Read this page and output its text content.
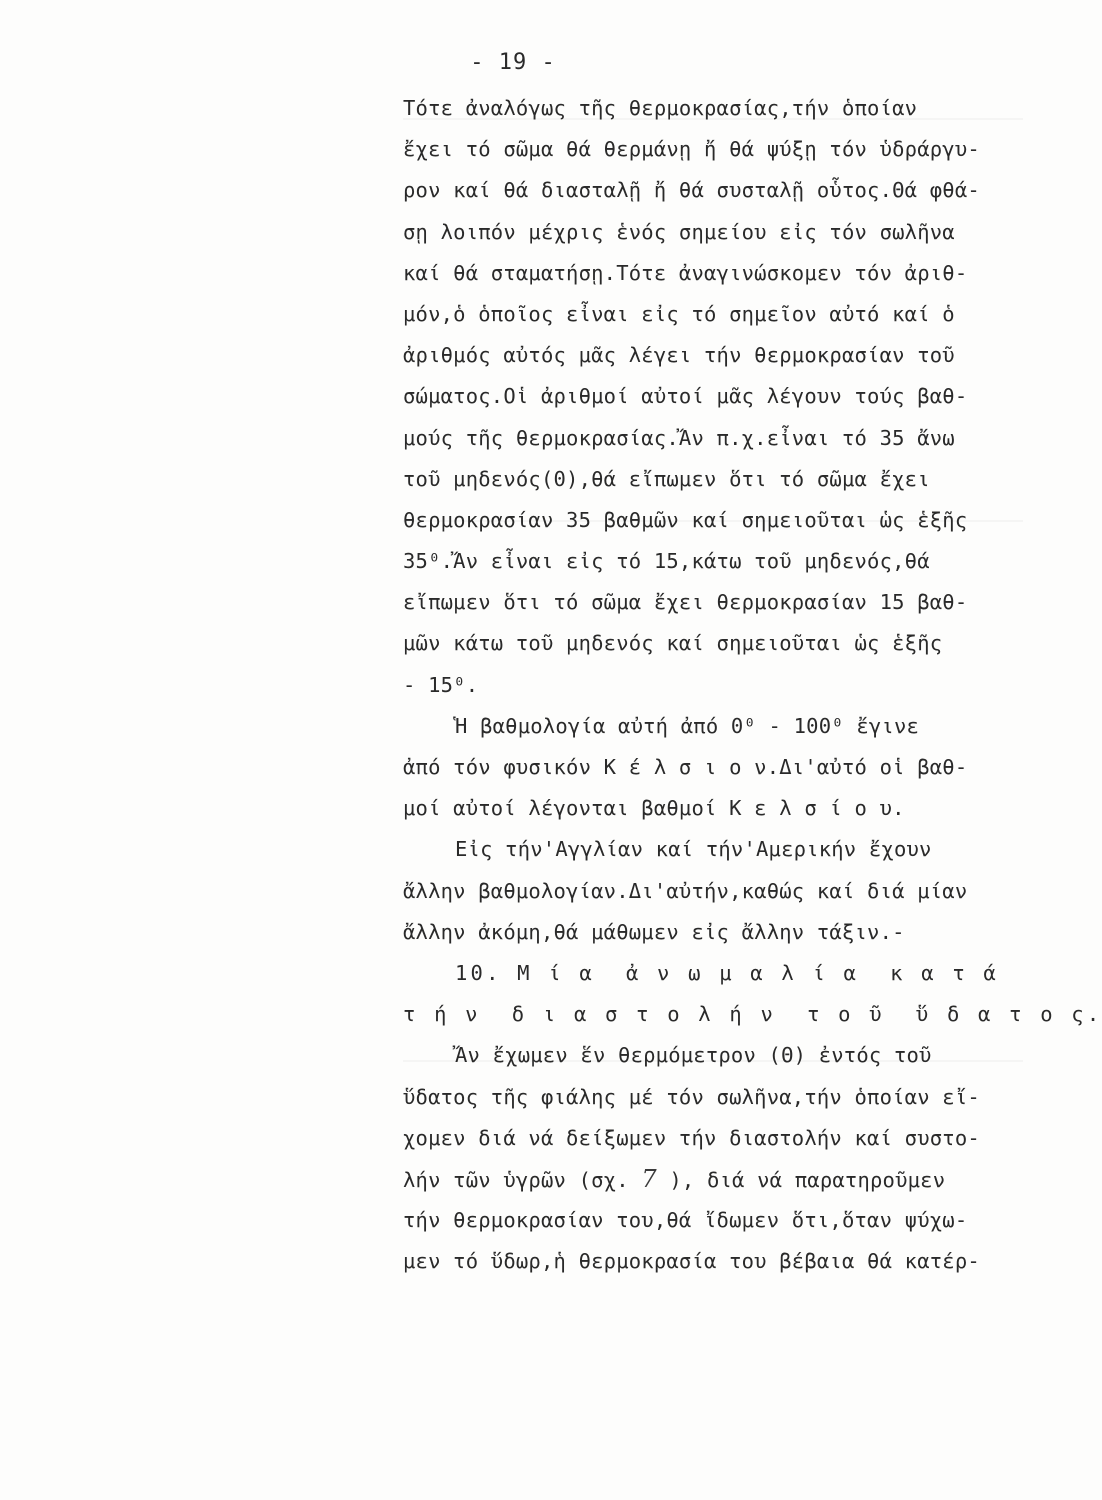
- 19 -
Τότε ἀναλόγως τῆς θερμοκρασίας,τήν ὁποίαν
ἔχει τό σῶμα θά θερμάνῃ ἤ θά ψύξῃ τόν ὑδράργυ-
ρον καί θά διασταλῇ ἤ θά συσταλῇ οὗτος.Θά φθά-
σῃ λοιπόν μέχρις ἑνός σημείου εἰς τόν σωλῆνα
καί θά σταματήσῃ.Τότε ἀναγινώσκομεν τόν ἀριθ-
μόν,ὁ ὁποῖος εἶναι εἰς τό σημεῖον αὐτό καί ὁ
ἀριθμός αὐτός μᾶς λέγει τήν θερμοκρασίαν τοῦ
σώματος.Οἱ ἀριθμοί αὐτοί μᾶς λέγουν τούς βαθ-
μούς τῆς θερμοκρασίας.Ἄν π.χ.εἶναι τό 35 ἄνω
τοῦ μηδενός(0),θά εἴπωμεν ὅτι τό σῶμα ἔχει
θερμοκρασίαν 35 βαθμῶν καί σημειοῦται ὡς ἑξῆς
35⁰.Ἄν εἶναι εἰς τό 15,κάτω τοῦ μηδενός,θά
εἴπωμεν ὅτι τό σῶμα ἔχει θερμοκρασίαν 15 βαθ-
μῶν κάτω τοῦ μηδενός καί σημειοῦται ὡς ἑξῆς
- 15⁰.
Ἡ βαθμολογία αὐτή ἀπό 0⁰ - 100⁰ ἔγινε
ἀπό τόν φυσικόν Κ έ λ σ ι ο ν.Δι'αὐτό οἱ βαθ-
μοί αὐτοί λέγονται βαθμοί Κ ε λ σ ί ο υ.
Εἰς τήν'Αγγλίαν καί τήν'Αμερικήν ἔχουν
ἄλλην βαθμολογίαν.Δι'αὐτήν,καθώς καί διά μίαν
ἄλλην ἀκόμη,θά μάθωμεν εἰς ἄλλην τάξιν.-
10. Μ ί α  ἀ ν ω μ α λ ί α  κ α τ ά
τ ή ν  δ ι α σ τ ο λ ή ν  τ ο ῦ  ὕ δ α τ ο ς.
Ἄν ἔχωμεν ἕν θερμόμετρον (Θ) ἐντός τοῦ
ὕδατος τῆς φιάλης μέ τόν σωλῆνα,τήν ὁποίαν εἴ-
χομεν διά νά δείξωμεν τήν διαστολήν καί συστο-
λήν τῶν ὑγρῶν (σχ. 7 ), διά νά παρατηροῦμεν
τήν θερμοκρασίαν του,θά ἴδωμεν ὅτι,ὅταν ψύχω-
μεν τό ὕδωρ,ἡ θερμοκρασία του βέβαια θά κατέρ-
